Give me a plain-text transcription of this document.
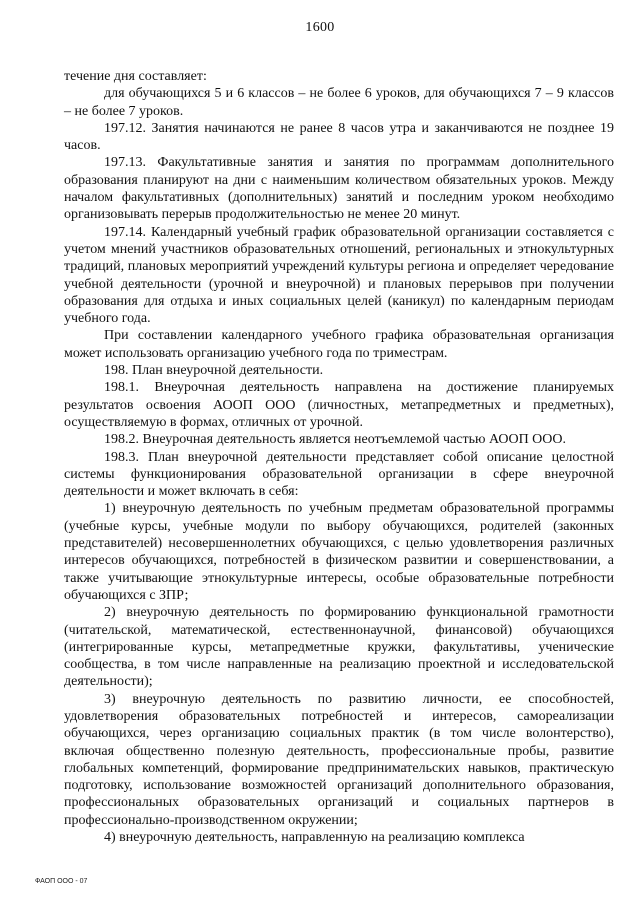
1600

течение дня составляет:

для обучающихся 5 и 6 классов – не более 6 уроков, для обучающихся 7 – 9 классов – не более 7 уроков.

197.12. Занятия начинаются не ранее 8 часов утра и заканчиваются не позднее 19 часов.

197.13. Факультативные занятия и занятия по программам дополнительного образования планируют на дни с наименьшим количеством обязательных уроков. Между началом факультативных (дополнительных) занятий и последним уроком необходимо организовывать перерыв продолжительностью не менее 20 минут.

197.14. Календарный учебный график образовательной организации составляется с учетом мнений участников образовательных отношений, региональных и этнокультурных традиций, плановых мероприятий учреждений культуры региона и определяет чередование учебной деятельности (урочной и внеурочной) и плановых перерывов при получении образования для отдыха и иных социальных целей (каникул) по календарным периодам учебного года.

При составлении календарного учебного графика образовательная организация может использовать организацию учебного года по триместрам.

198. План внеурочной деятельности.

198.1. Внеурочная деятельность направлена на достижение планируемых результатов освоения АООП ООО (личностных, метапредметных и предметных), осуществляемую в формах, отличных от урочной.

198.2. Внеурочная деятельность является неотъемлемой частью АООП ООО.

198.3. План внеурочной деятельности представляет собой описание целостной системы функционирования образовательной организации в сфере внеурочной деятельности и может включать в себя:

1) внеурочную деятельность по учебным предметам образовательной программы (учебные курсы, учебные модули по выбору обучающихся, родителей (законных представителей) несовершеннолетних обучающихся, с целью удовлетворения различных интересов обучающихся, потребностей в физическом развитии и совершенствовании, а также учитывающие этнокультурные интересы, особые образовательные потребности обучающихся с ЗПР;

2) внеурочную деятельность по формированию функциональной грамотности (читательской, математической, естественнонаучной, финансовой) обучающихся (интегрированные курсы, метапредметные кружки, факультативы, ученические сообщества, в том числе направленные на реализацию проектной и исследовательской деятельности);

3) внеурочную деятельность по развитию личности, ее способностей, удовлетворения образовательных потребностей и интересов, самореализации обучающихся, через организацию социальных практик (в том числе волонтерство), включая общественно полезную деятельность, профессиональные пробы, развитие глобальных компетенций, формирование предпринимательских навыков, практическую подготовку, использование возможностей организаций дополнительного образования, профессиональных образовательных организаций и социальных партнеров в профессионально-производственном окружении;

4) внеурочную деятельность, направленную на реализацию комплекса

ФАОП ООО - 07
